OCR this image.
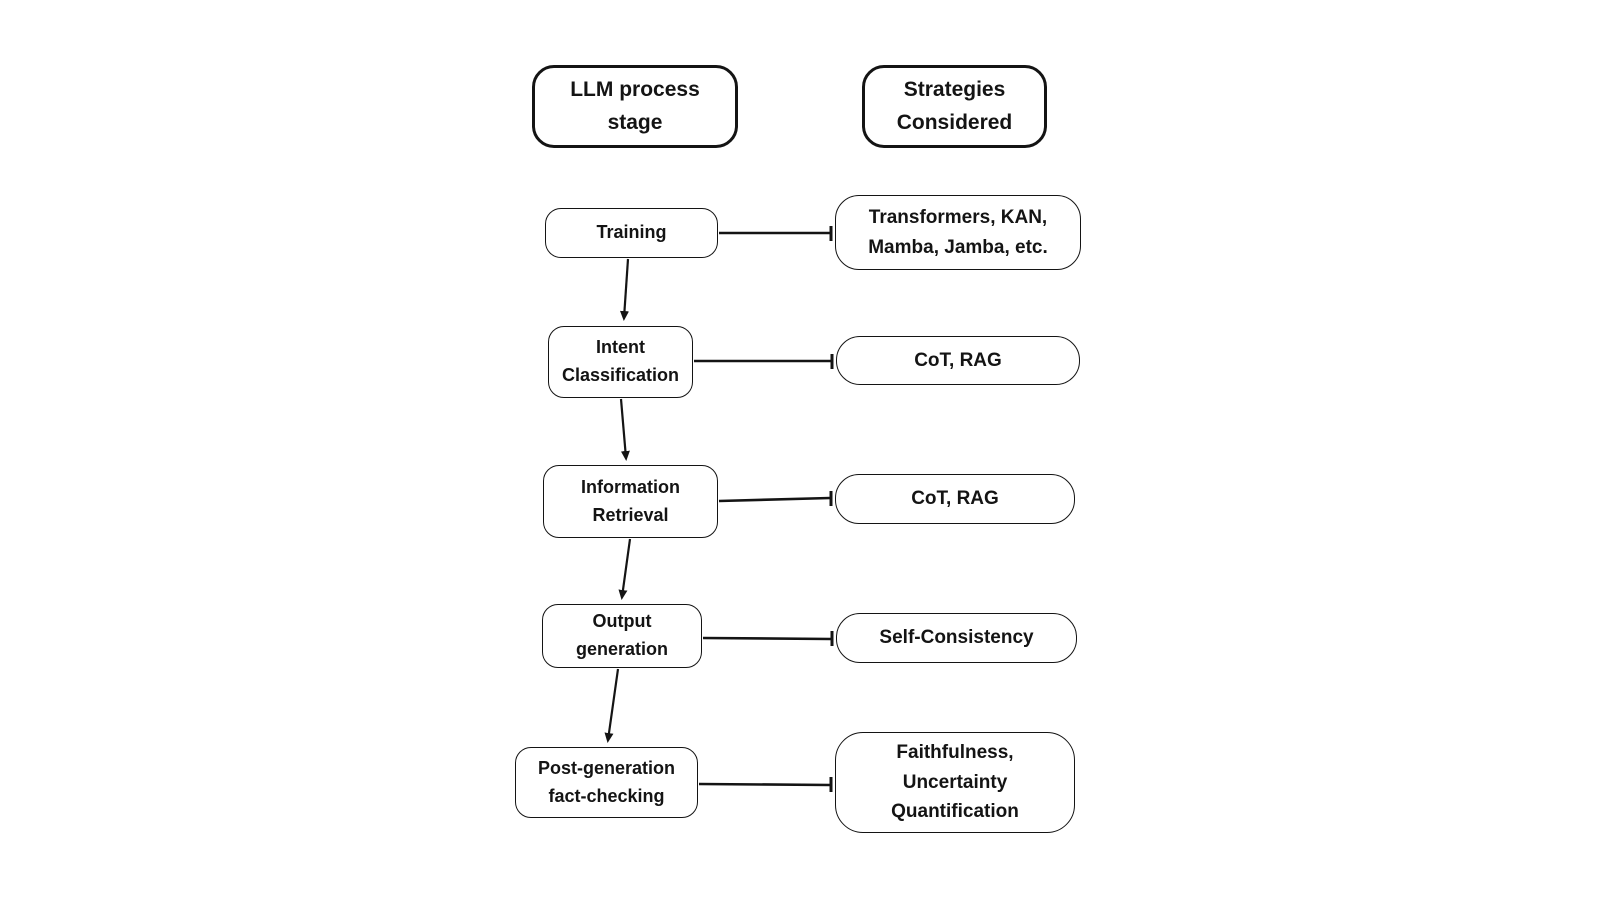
LLM process stage
Strategies Considered
Training
Transformers, KAN, Mamba, Jamba, etc.
Intent Classification
CoT, RAG
Information Retrieval
CoT, RAG
Output generation
Self-Consistency
Post-generation fact-checking
Faithfulness, Uncertainty Quantification
